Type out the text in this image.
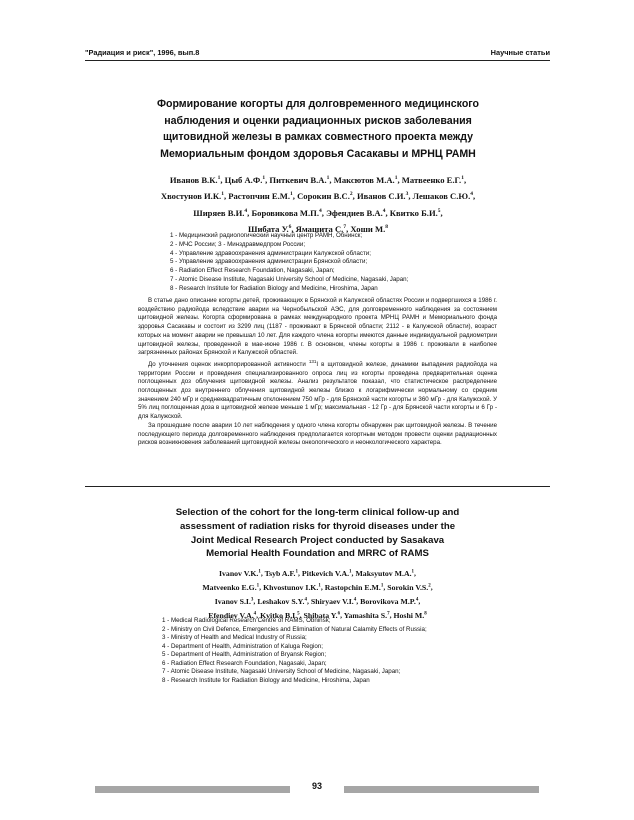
"Радиация и риск", 1996, вып.8	Научные статьи
Формирование когорты для долговременного медицинского
наблюдения и оценки радиационных рисков заболевания
щитовидной железы в рамках совместного проекта между
Мемориальным фондом здоровья Сасакавы и МРНЦ РАМН
Иванов В.К.$^1$, Цыб А.Ф.$^1$, Питкевич В.А.$^1$, Максютов М.А.$^1$, Матвеенко Е.Г.$^1$,
Хвостунов И.К.$^1$, Растопчин Е.М.$^1$, Сорокин В.С.$^2$, Иванов С.И.$^3$, Лешаков С.Ю.$^4$,
Ширяев В.И.$^4$, Боровикова М.П.$^4$, Эфендиев В.А.$^4$, Квитко Б.И.$^5$,
Шибата У.$^6$, Ямашита С.$^7$, Хоши М.$^8$
1 - Медицинский радиологический научный центр РАМН, Обнинск;
2 - МЧС России; 3 - Минздравмедпром России;
4 - Управление здравоохранения администрации Калужской области;
5 - Управление здравоохранения администрации Брянской области;
6 - Radiation Effect Research Foundation, Nagasaki, Japan;
7 - Atomic Disease Institute, Nagasaki University School of Medicine, Nagasaki, Japan;
8 - Research Institute for Radiation Biology and Medicine, Hiroshima, Japan

В статье дано описание когорты детей, проживающих в Брянской и Калужской областях России и подвергшихся в 1986 г. воздействию радиойода вследствие аварии на Чернобыльской АЭС, для долговременного наблюдения за состоянием щитовидной железы. Когорта сформирована в рамках международного проекта МРНЦ РАМН и Мемориального фонда здоровья Сасакавы и состоит из 3299 лиц (1187 - проживают в Брянской области; 2112 - в Калужской области), возраст которых на момент аварии не превышал 10 лет. Для каждого члена когорты имеются данные индивидуальной радиометрии щитовидной железы, проведенной в мае-июне 1986 г. В основном, члены когорты в 1986 г. проживали в наиболее загрязненных районах Брянской и Калужской областей.

До уточнения оценок инкорпорированной активности $^{131}$I в щитовидной железе, динамики выпадения радиойода на территории России и проведения специализированного опроса лиц из когорты проведена предварительная оценка поглощенных доз облучения щитовидной железы. Анализ результатов показал, что статистическое распределение поглощенных доз внутреннего облучения щитовидной железы близко к логарифмически нормальному со средним значением 240 мГр и среднеквадратичным отклонением 750 мГр - для Брянской части когорты и 360 мГр - для Калужской. У 5% лиц поглощенная доза в щитовидной железе меньше 1 мГр; максимальная - 12 Гр - для Брянской части когорты и 6 Гр - для Калужской.

За прошедшие после аварии 10 лет наблюдения у одного члена когорты обнаружен рак щитовидной железы. В течение последующего периода долговременного наблюдения предполагается когортным методом провести оценки радиационных рисков возникновения заболеваний щитовидной железы онкологического и неонкологического характера.

Selection of the cohort for the long-term clinical follow-up and
assessment of radiation risks for thyroid diseases under the
Joint Medical Research Project conducted by Sasakava
Memorial Health Foundation and MRRC of RAMS
Ivanov V.K.$^1$, Tsyb A.F.$^1$, Pitkevich V.A.$^1$, Maksyutov M.A.$^1$,
Matveenko E.G.$^1$, Khvostunov I.K.$^1$, Rastopchin E.M.$^1$, Sorokin V.S.$^2$,
Ivanov S.I.$^3$, Leshakov S.Y.$^4$, Shiryaev V.I.$^4$, Borovikova M.P.$^4$,
Efendiev V.A.$^4$, Kvitko B.I.$^5$, Shibata Y.$^6$, Yamashita S.$^7$, Hoshi M.$^8$
1 - Medical Radiological Research Centre of RAMS, Obninsk;
2 - Ministry on Civil Defence, Emergencies and Elimination of Natural Calamity Effects of Russia;
3 - Ministry of Health and Medical Industry of Russia;
4 - Department of Health, Administration of Kaluga Region;
5 - Department of Health, Administration of Bryansk Region;
6 - Radiation Effect Research Foundation, Nagasaki, Japan;
7 - Atomic Disease Institute, Nagasaki University School of Medicine, Nagasaki, Japan;
8 - Research Institute for Radiation Biology and Medicine, Hiroshima, Japan
93
